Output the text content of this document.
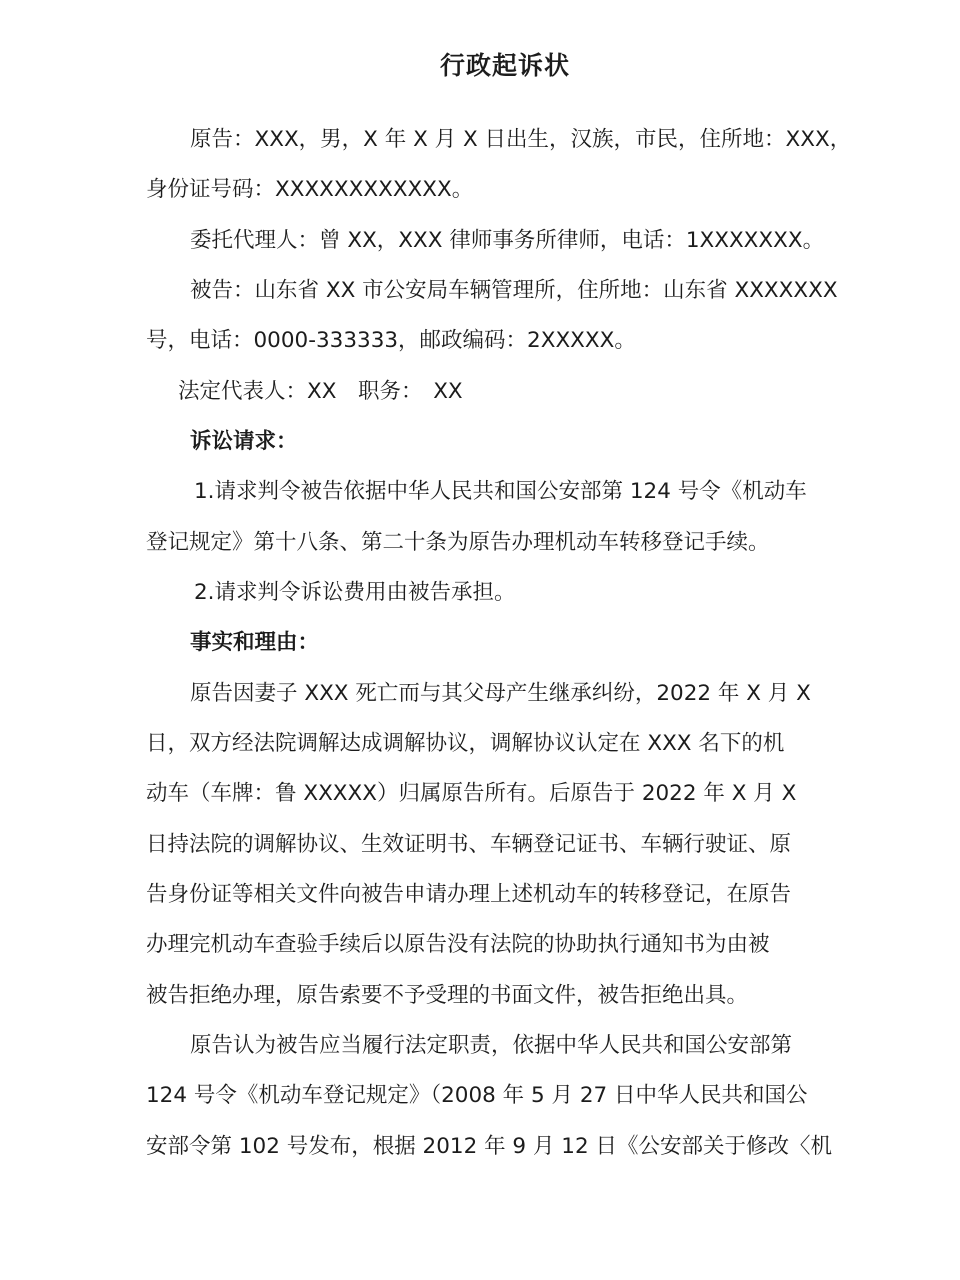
行政起诉状
原告：XXX，男，X 年 X 月 X 日出生，汉族，市民，住所地：XXX，
身份证号码：XXXXXXXXXXXX。
委托代理人：曾 XX，XXX 律师事务所律师，电话：1XXXXXXX。
被告：山东省 XX 市公安局车辆管理所，住所地：山东省 XXXXXXX
号，电话：0000-333333，邮政编码：2XXXXX。
法定代表人：XX　职务：　XX
诉讼请求：
1.请求判令被告依据中华人民共和国公安部第 124 号令《机动车
登记规定》第十八条、第二十条为原告办理机动车转移登记手续。
2.请求判令诉讼费用由被告承担。
事实和理由：
原告因妻子 XXX 死亡而与其父母产生继承纠纷，2022 年 X 月 X
日，双方经法院调解达成调解协议，调解协议认定在 XXX 名下的机
动车（车牌：鲁 XXXXX）归属原告所有。后原告于 2022 年 X 月 X
日持法院的调解协议、生效证明书、车辆登记证书、车辆行驶证、原
告身份证等相关文件向被告申请办理上述机动车的转移登记，在原告
办理完机动车查验手续后以原告没有法院的协助执行通知书为由被
被告拒绝办理，原告索要不予受理的书面文件，被告拒绝出具。
原告认为被告应当履行法定职责，依据中华人民共和国公安部第
124 号令《机动车登记规定》（2008 年 5 月 27 日中华人民共和国公
安部令第 102 号发布，根据 2012 年 9 月 12 日《公安部关于修改〈机
